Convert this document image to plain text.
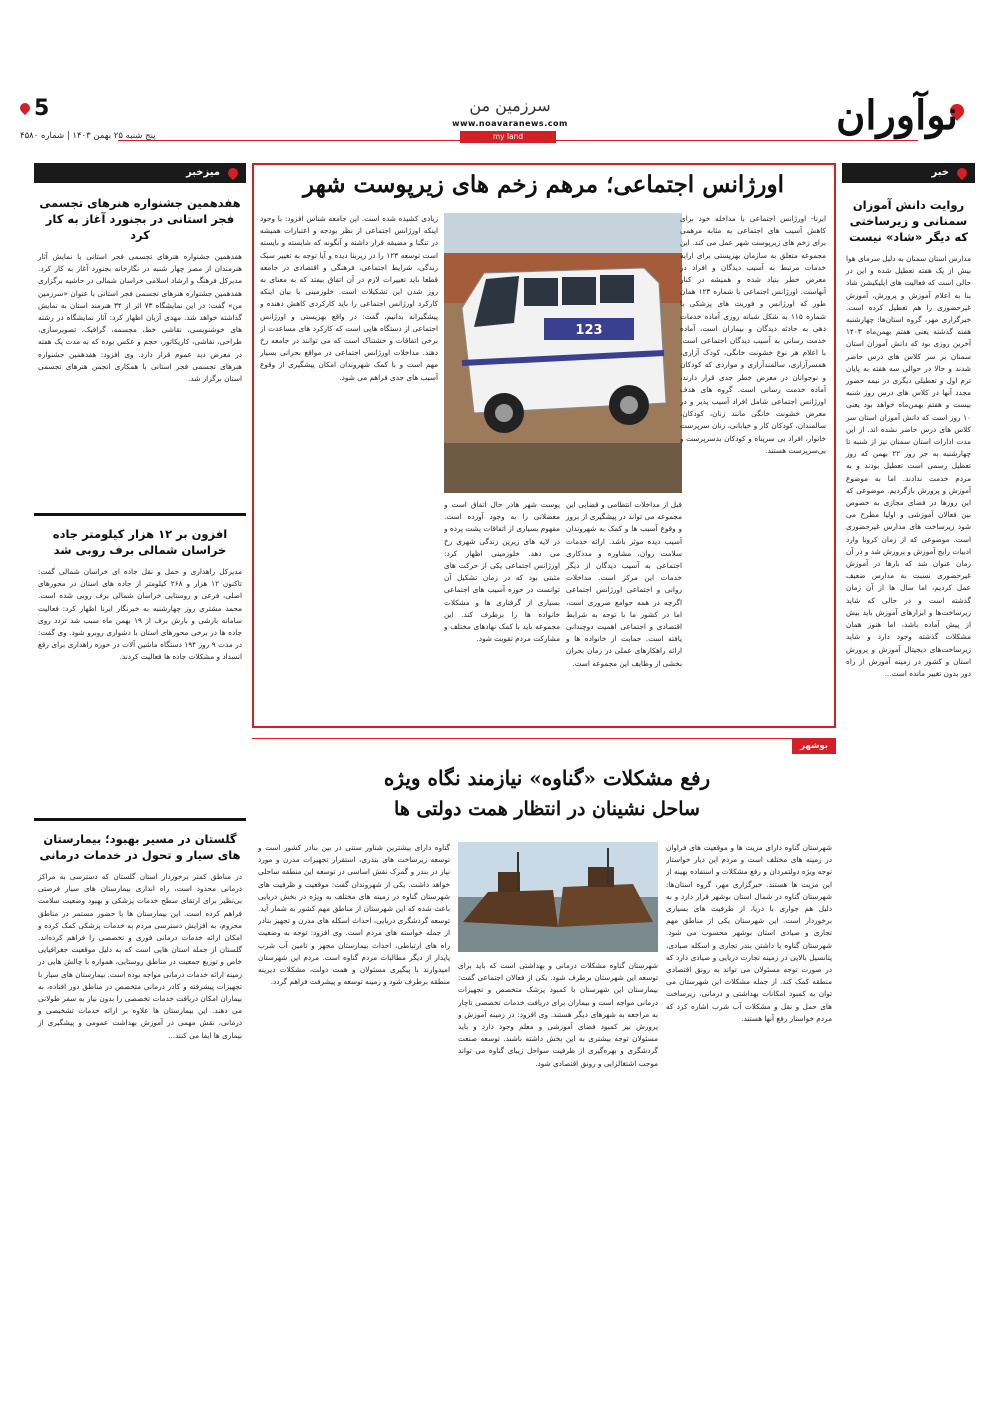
5
پنج شنبه ۲۵ بهمن ۱۴۰۳ | شماره ۴۵۸۰
سرزمین من
www.noavaranews.com
my land	نوآوران
خبر
روایت دانش آموزان سمنانی و زیرساختی که دیگر «شاد» نیست
مدارس استان سمنان به دلیل سرمای هوا بیش از یک هفته تعطیل شده و این در حالی است که فعالیت های اپلیکیشن شاد بنا به اعلام آموزش و پرورش، آموزش غیرحضوری را هم تعطیل کرده است. خبرگزاری مهر، گروه استان‌ها: چهارشنبه هفته گذشته یعنی هفتم بهمن‌ماه ۱۴۰۳ آخرین روزی بود که دانش آموزان استان سمنان بر سر کلاس های درس حاضر شدند و حالا در حوالی سه هفته به پایان ترم اول و تعطیلی دیگری در نیمه حضور مجدد آنها در کلاس های درس روز شنبه بیست و هفتم بهمن‌ماه خواهد بود یعنی ۱۰ روز است که دانش آموزان استان سر کلاس های درس حاضر نشده اند. از این مدت ادارات استان سمنان نیز از شنبه تا چهارشنبه به جز روز ۲۲ بهمن که روز تعطیل رسمی است تعطیل بودند و به مردم خدمت ندادند. اما به موضوع آموزش و پرورش بازگردیم. موضوعی که این روزها در فضای مجازی به خصوص بین فعالان آموزشی و اولیا مطرح می شود زیرساخت های مدارس غیرحضوری است. موضوعی که از زمان کرونا وارد ادبیات رایج آموزش و پرورش شد و در آن زمان عنوان شد که بارها در آموزش غیرحضوری نسبت به مدارس ضعیف عمل کردیم، اما سال ها از آن زمان گذشته است و در حالی که شاید زیرساخت‌ها و ابزارهای آموزش باید بیش از پیش آماده باشد، اما هنوز همان مشکلات گذشته وجود دارد و شاید زیرساخت‌های دیجیتال آموزش و پرورش استان و کشور در زمینه آموزش از راه دور بدون تغییر مانده است...
میزخبر
هفدهمین جشنواره هنرهای تجسمی فجر استانی در بجنورد آغاز به کار کرد
هفدهمین جشنواره هنرهای تجسمی فجر استانی با نمایش آثار هنرمندان از مصر چهار شنبه در نگارخانه بجنورد آغاز به کار کرد. مدیرکل فرهنگ و ارشاد اسلامی خراسان شمالی در حاشیه برگزاری هفدهمین جشنواره هنرهای تجسمی فجر استانی با عنوان «سرزمین من» گفت: در این نمایشگاه ۷۳ اثر از ۳۴ هنرمند استان به نمایش گذاشته خواهد شد. مهدی آزیان اظهار کرد: آثار نمایشگاه در رشته های خوشنویسی، نقاشی خط، مجسمه، گرافیک، تصویرسازی، طراحی، نقاشی، کاریکاتور، حجم و عکس بوده که به مدت یک هفته در معرض دید عموم قرار دارد. وی افزود: هفدهمین جشنواره هنرهای تجسمی فجر استانی با همکاری انجمن هنرهای تجسمی استان برگزار شد.
افزون بر ۱۲ هزار کیلومتر جاده خراسان شمالی برف روبی شد
مدیرکل راهداری و حمل و نقل جاده ای خراسان شمالی گفت: تاکنون ۱۲ هزار و ۲۶۸ کیلومتر از جاده های استان در محورهای اصلی، فرعی و روستایی خراسان شمالی برف روبی شده است. محمد مشتری روز چهارشنبه به خبرنگار ایرنا اظهار کرد: فعالیت سامانه بارشی و بارش برف از ۱۹ بهمن ماه سبب شد تردد روی جاده ها در برخی محورهای استان با دشواری روبرو شود. وی گفت: در مدت ۹ روز ۱۹۴ دستگاه ماشین آلات در حوزه راهداری برای رفع انسداد و مشکلات جاده ها فعالیت کردند.
گلستان در مسیر بهبود؛ بیمارستان های سیار و تحول در خدمات درمانی
در مناطق کمتر برخوردار استان گلستان که دسترسی به مراکز درمانی محدود است، راه اندازی بیمارستان های سیار فرصتی بی‌نظیر برای ارتقای سطح خدمات پزشکی و بهبود وضعیت سلامت فراهم کرده است. این بیمارستان ها با حضور مستمر در مناطق محروم، به افزایش دسترسی مردم به خدمات پزشکی کمک کرده و امکان ارائه خدمات درمانی فوری و تخصصی را فراهم کرده‌اند. گلستان از جمله استان هایی است که به دلیل موقعیت جغرافیایی خاص و توزیع جمعیت در مناطق روستایی، همواره با چالش هایی در زمینه ارائه خدمات درمانی مواجه بوده است. بیمارستان های سیار با تجهیزات پیشرفته و کادر درمانی متخصص در مناطق دور افتاده، به بیماران امکان دریافت خدمات تخصصی را بدون نیاز به سفر طولانی می دهند. این بیمارستان ها علاوه بر ارائه خدمات تشخیصی و درمانی، نقش مهمی در آموزش بهداشت عمومی و پیشگیری از بیماری ها ایفا می کنند...
اورژانس اجتماعی؛ مرهم زخم های زیرپوست شهر
123
ایرنا- اورژانس اجتماعی با مداخله خود برای کاهش آسیب های اجتماعی به مثابه مرهمی برای زخم های زیرپوست شهر عمل می کند. این مجموعه متعلق به سازمان بهزیستی برای ارایه خدمات مرتبط به آسیب دیدگان و افراد در معرض خطر بنیاد شده و همیشه در کنار آنهاست. اورژانس اجتماعی با شماره ۱۲۳ همان طور که اورژانس و فوریت های پزشکی با شماره ۱۱۵ به شکل شبانه روزی آماده خدمات دهی به حادثه دیدگان و بیماران است، آماده خدمت رسانی به آسیب دیدگان اجتماعی است. با اعلام هر نوع خشونت خانگی، کودک آزاری، همسرآزاری، سالمندآزاری و مواردی که کودکان و نوجوانان در معرض خطر جدی قرار دارند، آماده خدمت رسانی است. گروه های هدف اورژانس اجتماعی شامل افراد آسیب پذیر و در معرض خشونت خانگی مانند زنان، کودکان، سالمندان، کودکان کار و خیابانی، زنان سرپرست خانوار، افراد بی سرپناه و کودکان بدسرپرست و بی‌سرپرست هستند.
زیادی کشیده شده است. این جامعه شناس افزود: با وجود اینکه اورژانس اجتماعی از نظر بودجه و اعتبارات همیشه در تنگنا و مضیقه قرار داشته و آنگونه که شایسته و بایسته است توسعه ۱۲۳ را در زیربنا دیده و آیا توجه به تغییر سبک زندگی، شرایط اجتماعی، فرهنگی و اقتصادی در جامعه قطعا باید تغییرات لازم در آن اتفاق بیفتد که به معنای به روز شدن این تشکیلات است. خلوزمینی با بیان اینکه کارکرد اورژانس اجتماعی را باید کارکردی کاهش دهنده و پیشگیرانه بدانیم، گفت: در واقع بهزیستی و اورژانس اجتماعی از دستگاه هایی است که کارکرد های مساعدت از برخی اتفاقات و حشتناک است که می توانند در جامعه رخ دهند. مداخلات اورژانس اجتماعی در مواقع بحرانی بسیار مهم است و با کمک شهروندان امکان پیشگیری از وقوع آسیب های جدی فراهم می شود.
قبل از مداخلات انتظامی و قضایی این مجموعه می تواند در پیشگیری از بروز و وقوع آسیب ها و کمک به شهروندان آسیب دیده موثر باشد. ارائه خدمات سلامت روان، مشاوره و مددکاری اجتماعی به آسیب دیدگان از دیگر خدمات این مرکز است. مداخلات روانی و اجتماعی اورژانس اجتماعی اگرچه در همه جوامع ضروری است، اما در کشور ما با توجه به شرایط اقتصادی و اجتماعی اهمیت دوچندانی یافته است. حمایت از خانواده ها و ارائه راهکارهای عملی در زمان بحران بخشی از وظایف این مجموعه است.
پوست شهر هادر حال اتفاق است و معضلاتی را به وجود آورده است. مفهوم بسیاری از اتفاقات پشت پرده و در لایه های زیرین زندگی شهری رخ می دهد. خلوزمینی اظهار کرد: اورژانس اجتماعی یکی از حرکت های مثبتی بود که در زمان تشکیل آن توانست در حوزه آسیب های اجتماعی بسیاری از گرفتاری ها و مشکلات خانواده ها را برطرف کند. این مجموعه باید با کمک نهادهای مختلف و مشارکت مردم تقویت شود.
بوشهر
رفع مشکلات «گناوه» نیازمند نگاه ویژه
ساحل نشینان در انتظار همت دولتی ها
شهرستان گناوه دارای مزیت ها و موقعیت های فراوان در زمینه های مختلف است و مردم این دیار خواستار توجه ویژه دولتمردان و رفع مشکلات و استفاده بهینه از این مزیت ها هستند. خبرگزاری مهر، گروه استان‌ها: شهرستان گناوه در شمال استان بوشهر قرار دارد و به دلیل هم جواری با دریا، از ظرفیت های بسیاری برخوردار است. این شهرستان یکی از مناطق مهم تجاری و صیادی استان بوشهر محسوب می شود. شهرستان گناوه با داشتن بندر تجاری و اسکله صیادی، پتانسیل بالایی در زمینه تجارت دریایی و صیادی دارد که در صورت توجه مسئولان می تواند به رونق اقتصادی منطقه کمک کند. از جمله مشکلات این شهرستان می توان به کمبود امکانات بهداشتی و درمانی، زیرساخت های حمل و نقل و مشکلات آب شرب اشاره کرد که مردم خواستار رفع آنها هستند.
گناوه دارای بیشترین شناور سنتی در بین بنادر کشور است و توسعه زیرساخت های بندری، استقرار تجهیزات مدرن و مورد نیاز در بندر و گمرک نقش اساسی در توسعه این منطقه ساحلی خواهد داشت. یکی از شهروندان گفت: موقعیت و ظرفیت های شهرستان گناوه در زمینه های مختلف به ویژه در بخش دریایی باعث شده که این شهرستان از مناطق مهم کشور به شمار آید. توسعه گردشگری دریایی، احداث اسکله های مدرن و تجهیز بنادر از جمله خواسته های مردم است. وی افزود: توجه به وضعیت راه های ارتباطی، احداث بیمارستان مجهز و تامین آب شرب پایدار از دیگر مطالبات مردم گناوه است. مردم این شهرستان امیدوارند با پیگیری مسئولان و همت دولت، مشکلات دیرینه منطقه برطرف شود و زمینه توسعه و پیشرفت فراهم گردد.
شهرستان گناوه مشکلات درمانی و بهداشتی است که باید برای توسعه این شهرستان برطرف شود. یکی از فعالان اجتماعی گفت: بیمارستان این شهرستان با کمبود پزشک متخصص و تجهیزات درمانی مواجه است و بیماران برای دریافت خدمات تخصصی ناچار به مراجعه به شهرهای دیگر هستند. وی افزود: در زمینه آموزش و پرورش نیز کمبود فضای آموزشی و معلم وجود دارد و باید مسئولان توجه بیشتری به این بخش داشته باشند. توسعه صنعت گردشگری و بهره‌گیری از ظرفیت سواحل زیبای گناوه می تواند موجب اشتغالزایی و رونق اقتصادی شود.
